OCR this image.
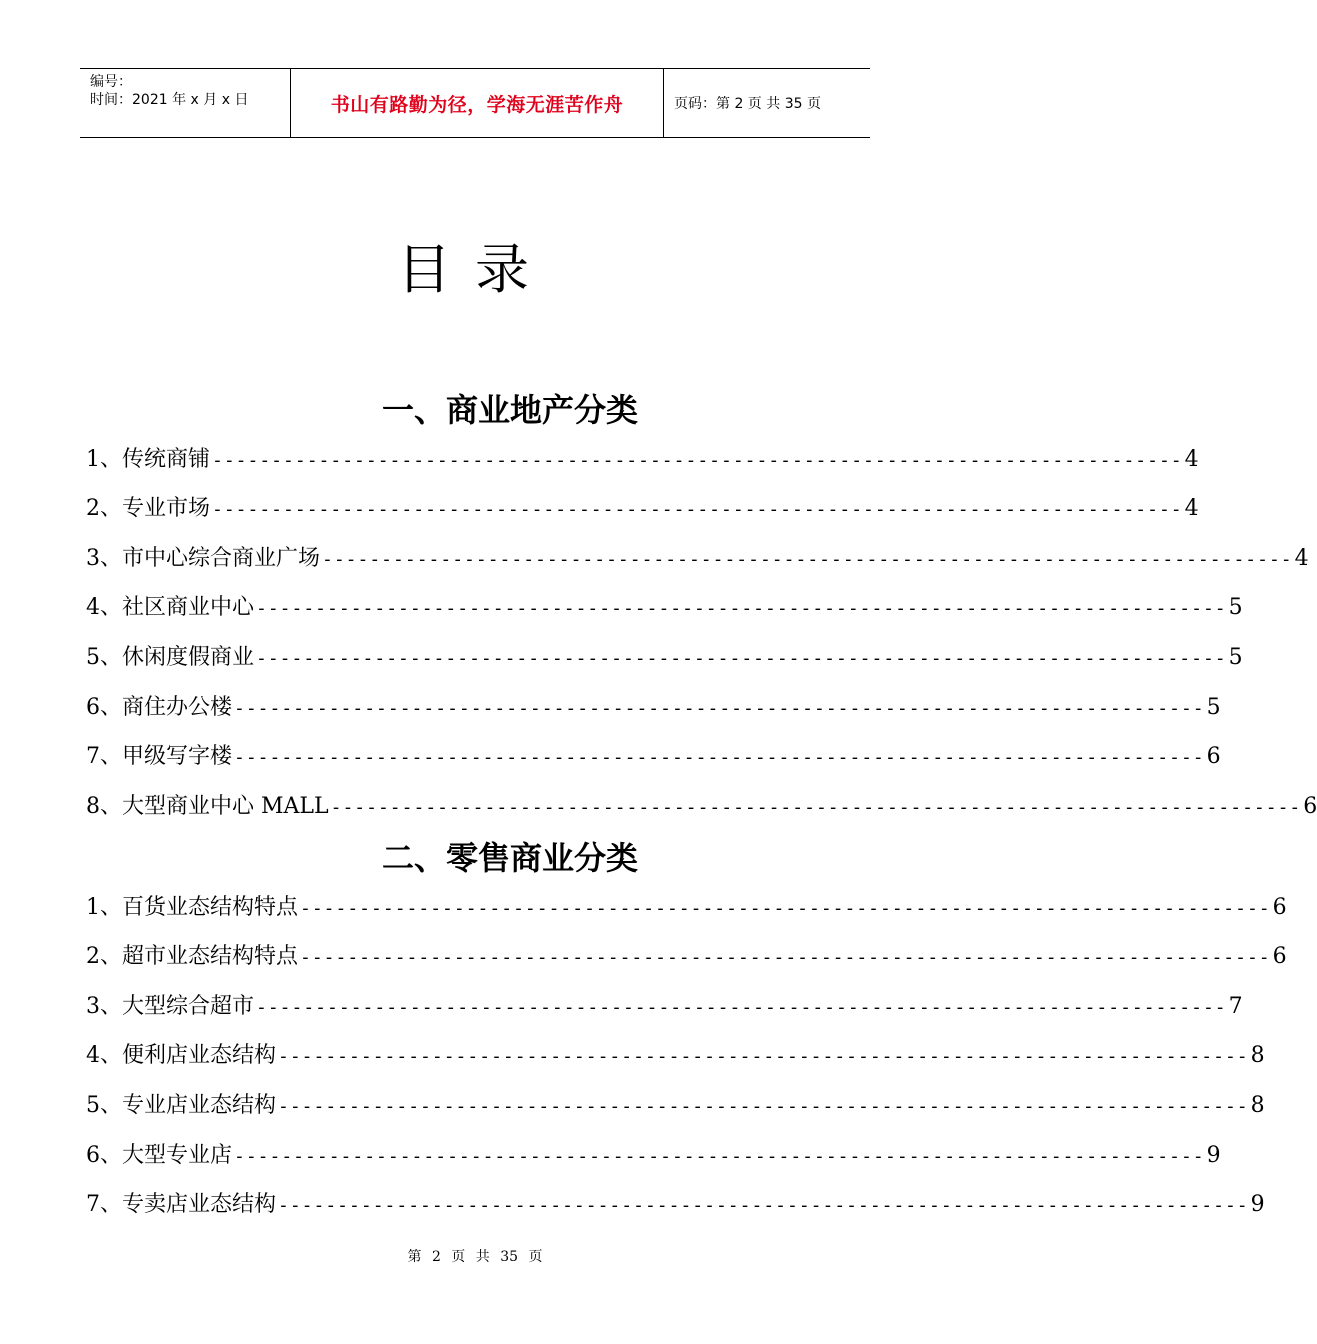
编号：
时间：2021 年 x 月 x 日	书山有路勤为径，学海无涯苦作舟	页码：第 2 页 共 35 页
目录
一、商业地产分类
1、传统商铺 ---------------------------------------------------------------------------------- 4
2、专业市场 ---------------------------------------------------------------------------------- 4
3、市中心综合商业广场 ---------------------------------------------------------------------------------- 4
4、社区商业中心 ---------------------------------------------------------------------------------- 5
5、休闲度假商业 ---------------------------------------------------------------------------------- 5
6、商住办公楼 ---------------------------------------------------------------------------------- 5
7、甲级写字楼 ---------------------------------------------------------------------------------- 6
8、大型商业中心 MALL ---------------------------------------------------------------------------------- 6
二、零售商业分类
1、百货业态结构特点 ---------------------------------------------------------------------------------- 6
2、超市业态结构特点 ---------------------------------------------------------------------------------- 6
3、大型综合超市 ---------------------------------------------------------------------------------- 7
4、便利店业态结构 ---------------------------------------------------------------------------------- 8
5、专业店业态结构 ---------------------------------------------------------------------------------- 8
6、大型专业店 ---------------------------------------------------------------------------------- 9
7、专卖店业态结构 ---------------------------------------------------------------------------------- 9
第 2 页 共 35 页
